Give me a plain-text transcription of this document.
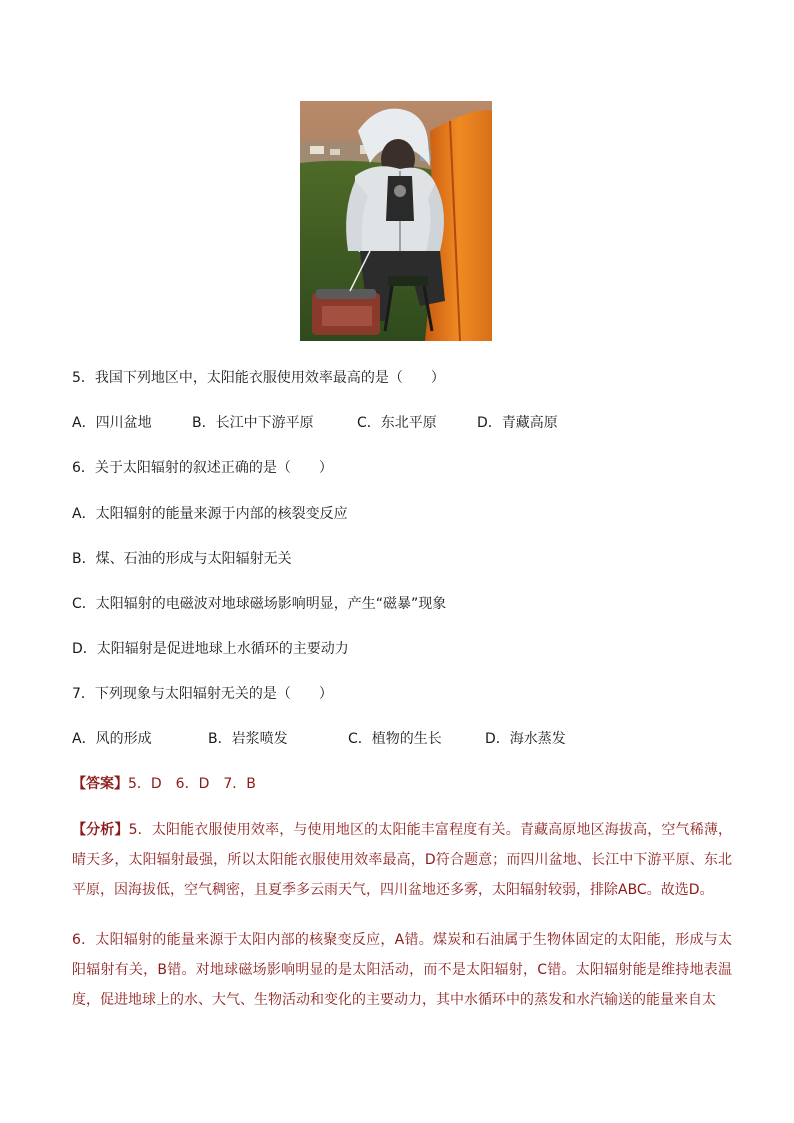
5．我国下列地区中，太阳能衣服使用效率最高的是（　　）
A．四川盆地	B．长江中下游平原	C．东北平原	D．青藏高原
6．关于太阳辐射的叙述正确的是（　　）
A．太阳辐射的能量来源于内部的核裂变反应
B．煤、石油的形成与太阳辐射无关
C．太阳辐射的电磁波对地球磁场影响明显，产生“磁暴”现象
D．太阳辐射是促进地球上水循环的主要动力
7．下列现象与太阳辐射无关的是（　　）
A．风的形成	B．岩浆喷发	C．植物的生长	D．海水蒸发
【答案】5．D　6．D　7．B
【分析】5．太阳能衣服使用效率，与使用地区的太阳能丰富程度有关。青藏高原地区海拔高，空气稀薄，晴天多，太阳辐射最强，所以太阳能衣服使用效率最高，D符合题意；而四川盆地、长江中下游平原、东北平原，因海拔低，空气稠密，且夏季多云雨天气，四川盆地还多雾，太阳辐射较弱，排除ABC。故选D。
6．太阳辐射的能量来源于太阳内部的核聚变反应，A错。煤炭和石油属于生物体固定的太阳能，形成与太阳辐射有关，B错。对地球磁场影响明显的是太阳活动，而不是太阳辐射，C错。太阳辐射能是维持地表温度，促进地球上的水、大气、生物活动和变化的主要动力，其中水循环中的蒸发和水汽输送的能量来自太
